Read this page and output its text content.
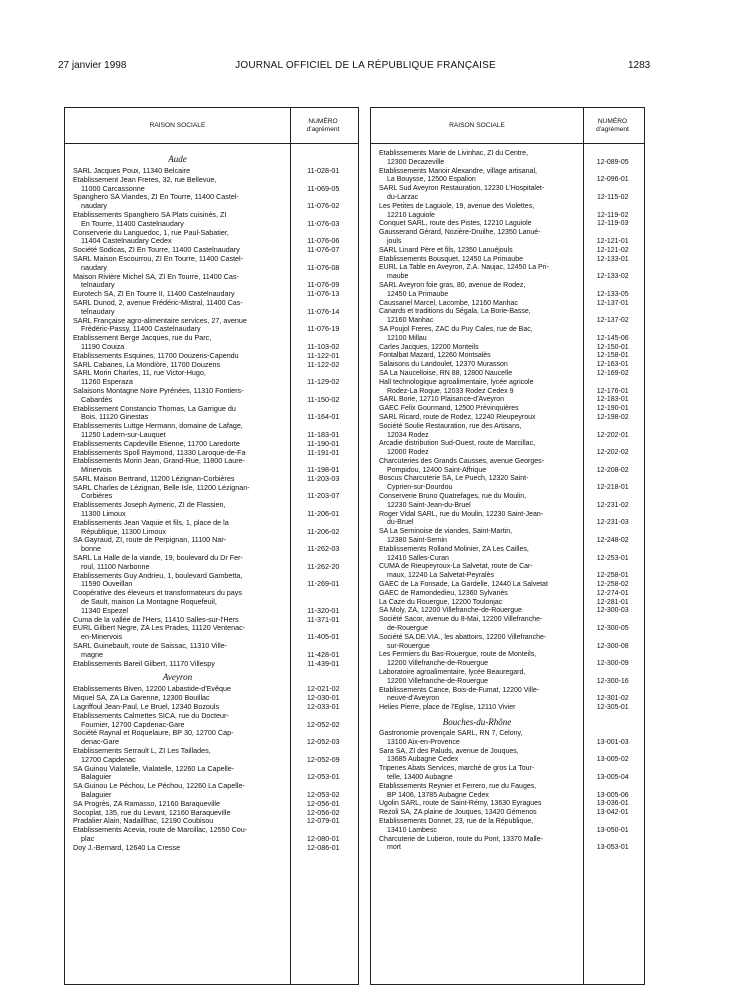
27 janvier 1998	JOURNAL OFFICIEL DE LA RÉPUBLIQUE FRANÇAISE	1283
RAISON SOCIALE
NUMÉRO
d'agrément
Aude
SARL Jacques Poux, 11340 Belcaire	11-028-01
Etablissement Jean Freres, 32, rue Bellevue,
11000 Carcassonne	11-069-05
Spanghero SA Viandes, ZI En Tourre, 11400 Castel-
naudary	11-076-02
Etablissements Spanghero SA Plats cuisinés, ZI
En Tourre, 11400 Castelnaudary	11-076-03
Conserverie du Languedoc, 1, rue Paul-Sabatier,
11404 Castelnaudary Cedex	11-076-06
Société Sodicas, ZI En Tourre, 11400 Castelnaudary	11-076-07
SARL Maison Escourrou, ZI En Tourre, 11400 Castel-
naudary	11-076-08
Maison Rivière Michel SA, ZI En Tourre, 11400 Cas-
telnaudary	11-076-09
Eurotech SA, ZI En Tourre II, 11400 Castelnaudary	11-076-13
SARL Dunod, 2, avenue Frédéric-Mistral, 11400 Cas-
telnaudary	11-076-14
SARL Française agro-alimentaire services, 27, avenue
Frédéric-Passy, 11400 Castelnaudary	11-076-19
Etablissement Berge Jacques, rue du Parc,
11190 Couiza	11-103-02
Etablissements Esquines, 11700 Douzens-Capendu	11-122-01
SARL Cabanes, La Mondiòre, 11700 Douzens	11-122-02
SARL Morin Charles, 11, rue Victor-Hugo,
11260 Esperaza	11-129-02
Salaisons Montagne Noire Pyrénées, 11310 Fontiers-
Cabardès	11-150-02
Etablissement Constancio Thomas, La Garrigue du
Bois, 11120 Ginestas	11-164-01
Etablissements Luttge Hermann, domaine de Lafage,
11250 Ladern-sur-Lauquet	11-183-01
Etablissements Capdeville Etienne, 11700 Laredorte	11-190-01
Etablissements Spoll Raymond, 11330 Laroque-de-Fa	11-191-01
Etablissements Morin Jean, Grand-Rue, 11800 Laure-
Minervois	11-198-01
SARL Maison Bertrand, 11200 Lézignan-Corbières	11-203-03
SARL Charles de Lézignan, Belle Isle, 11200 Lézignan-
Corbières	11-203-07
Etablissements Joseph Aymeric, ZI de Flassien,
11300 Limoux	11-206-01
Etablissements Jean Vaquie et fils, 1, place de la
République, 11300 Limoux	11-206-02
SA Gayraud, ZI, route de Perpignan, 11100 Nar-
bonne	11-262-03
SARL La Halle de la viande, 19, boulevard du Dr Fer-
roul, 11100 Narbonne	11-262-20
Etablissements Guy Andrieu, 1, boulevard Gambetta,
11590 Ouveillan	11-269-01
Coopérative des éleveurs et transformateurs du pays
de Sault, maison La Montagne Roquefeuil,
11340 Espezel	11-320-01
Cuma de la vallée de l'Hers, 11410 Salles-sur-l'Hers	11-371-01
EURL Gilbert Negre, ZA Les Prades, 11120 Ventenac-
en-Minervois	11-405-01
SARL Guinebault, route de Saissac, 11310 Ville-
magne	11-428-01
Etablissements Bareil Gilbert, 11170 Villespy	11-439-01
Aveyron
Etablissements Biven, 12200 Labastide-d'Evêque	12-021-02
Miquel SA, ZA La Garenne, 12300 Bouillac	12-030-01
Lagriffoul Jean-Paul, Le Bruel, 12340 Bozouls	12-033-01
Etablissements Calmettes SICA, rue du Docteur-
Fournier, 12700 Capdenac-Gare	12-052-02
Société Raynal et Roquelaure, BP 30, 12700 Cap-
denac-Gare	12-052-03
Etablissements Serrault L, ZI Les Taillades,
12700 Capdenac	12-052-09
SA Guinou Vialatelle, Vialatelle, 12260 La Capelle-
Balaguier	12-053-01
SA Guinou Le Péchou, Le Péchou, 12260 La Capelle-
Balaguier	12-053-02
SA Progrès, ZA Ramasso, 12160 Baraqueville	12-056-01
Socoplat, 135, rue du Levant, 12160 Baraqueville	12-056-02
Pradalier Alain, Nadaillhac, 12190 Coubisou	12-079-01
Etablissements Acevia, route de Marcillac, 12550 Cou-
plac	12-080-01
Doy J.-Bernard, 12640 La Cresse	12-086-01
RAISON SOCIALE
NUMÉRO
d'agrément
Etablissements Marie de Livinhac, ZI du Centre,
12300 Decazeville	12-089-05
Etablissements Manoir Alexandre, village artisanal,
La Bouysse, 12500 Espalion	12-096-01
SARL Sud Aveyron Restauration, 12230 L'Hospitalet-
du-Larzac	12-115-02
Les Petites de Laguiole, 19, avenue des Violettes,
12210 Laguiole	12-119-02
Conquet SARL, route des Pistes, 12210 Laguiole	12-119-03
Gausserand Gérard, Nozière-Druilhe, 12350 Lanué-
jouls	12-121-01
SARL Linard Père et fils, 12350 Lanuéjouls	12-121-02
Etablissements Bousquet, 12450 La Primaube	12-133-01
EURL La Table en Aveyron, Z.A. Naujac, 12450 La Pri-
maube	12-133-02
SARL Aveyron foie gras, 80, avenue de Rodez,
12450 La Primaube	12-133-05
Caussanel Marcel, Lacombe, 12160 Manhac	12-137-01
Canards et traditions du Ségala, La Borie-Basse,
12160 Manhac	12-137-02
SA Poujol Freres, ZAC du Puy Cales, rue de Bac,
12100 Millau	12-145-06
Carles Jacques, 12200 Monteils	12-150-01
Fontalbat Mazard, 12260 Montsalès	12-158-01
Salaisons du Landoulet, 12370 Murasson	12-163-01
SA La Naucelloise, RN 88, 12800 Naucelle	12-169-02
Hall technologique agroalimentaire, lycée agricole
Rodez-La Roque, 12033 Rodez Cedex 9	12-176-01
SARL Borie, 12710 Plaisance-d'Aveyron	12-183-01
GAEC Felix Gourmand, 12500 Prévinquières	12-190-01
SARL Ricard, route de Rodez, 12240 Rieupeyroux	12-198-02
Société Soulie Restauration, rue des Artisans,
12034 Rodez	12-202-01
Arcadie distribution Sud-Ouest, route de Marcillac,
12000 Rodez	12-202-02
Charcuteries des Grands Causses, avenue Georges-
Pompidou, 12400 Saint-Affrique	12-208-02
Boscus Charcuterie SA, Le Puech, 12320 Saint-
Cyprien-sur-Dourdou	12-218-01
Conserverie Bruno Quatrefages, rue du Moulin,
12230 Saint-Jean-du-Bruel	12-231-02
Roger Vidal SARL, rue du Moulin, 12230 Saint-Jean-
du-Bruel	12-231-03
SA La Serninoise de viandes, Saint-Martin,
12380 Saint-Sernin	12-248-02
Etablissements Rolland Molinier, ZA Les Cailles,
12410 Salles-Curan	12-253-01
CUMA de Rieupeyroux-La Salvetat, route de Car-
maux, 12240 La Salvetat-Peyralès	12-258-01
GAEC de La Fonsade, La Gardelle, 12440 La Salvetat	12-258-02
GAEC de Ramondedieu, 12360 Sylvanès	12-274-01
La Caze du Rouergue, 12200 Toulonjac	12-281-01
SA Moly, ZA, 12200 Villefranche-de-Rouergue	12-300-03
Société Sacor, avenue du 8-Mai, 12200 Villefranche-
de-Rouergue	12-300-05
Société SA.DE.VIA., les abattoirs, 12200 Villefranche-
sur-Rouergue	12-300-08
Les Fermiers du Bas-Rouergue, route de Monteils,
12200 Villefranche-de-Rouergue	12-300-09
Laboratoire agroalimentaire, lycée Beauregard,
12200 Villefranche-de-Rouergue	12-300-16
Etablissements Cance, Bois-de-Fumat, 12200 Ville-
neuve-d'Aveyron	12-301-02
Helies Pierre, place de l'Eglise, 12110 Vivier	12-305-01
Bouches-du-Rhône
Gastronomie provençale SARL, RN 7, Celony,
13100 Aix-en-Provence	13-001-03
Sara SA, ZI des Paluds, avenue de Jouques,
13685 Aubagne Cedex	13-005-02
Tripenes Abats Services, marché de gros La Tour-
telle, 13400 Aubagne	13-005-04
Etablissements Reynier et Ferrero, rue du Fauges,
BP 1406, 13785 Aubagne Cedex	13-005-06
Ugolin SARL, route de Saint-Rémy, 13630 Eyragues	13-036-01
Rezoli SA, ZA plaine de Jouques, 13420 Gémenos	13-042-01
Etablissements Donnet, 23, rue de la République,
13410 Lambesc	13-050-01
Charcuterie de Luberon, route du Pont, 13370 Malle-
mort	13-053-01
